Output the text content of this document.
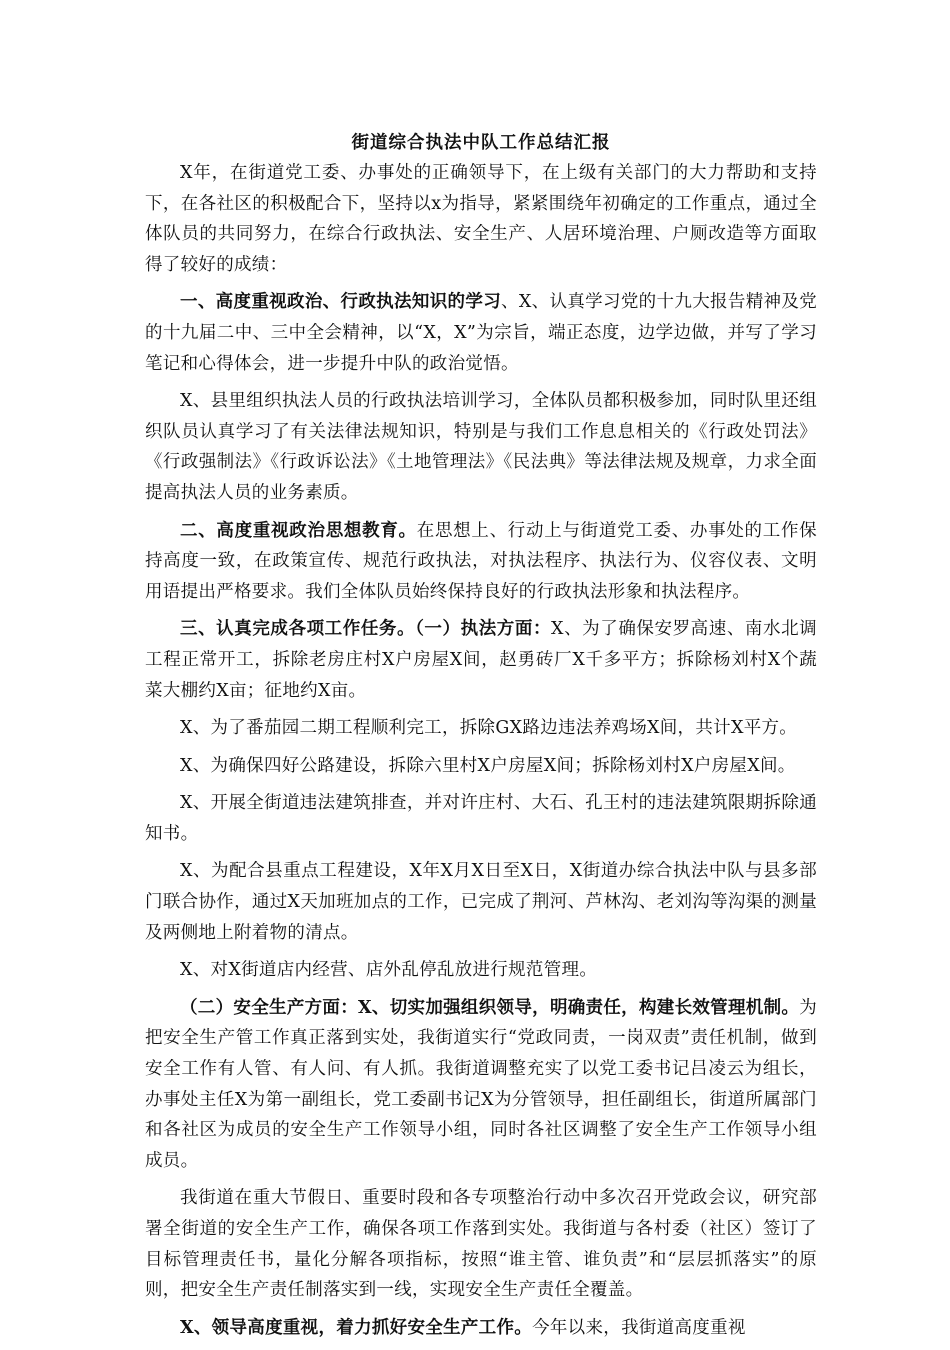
街道综合执法中队工作总结汇报

X年，在街道党工委、办事处的正确领导下，在上级有关部门的大力帮助和支持下，在各社区的积极配合下，坚持以x为指导，紧紧围绕年初确定的工作重点，通过全体队员的共同努力，在综合行政执法、安全生产、人居环境治理、户厕改造等方面取得了较好的成绩：

一、高度重视政治、行政执法知识的学习、X、认真学习党的十九大报告精神及党的十九届二中、三中全会精神，以“X，X”为宗旨，端正态度，边学边做，并写了学习笔记和心得体会，进一步提升中队的政治觉悟。

X、县里组织执法人员的行政执法培训学习，全体队员都积极参加，同时队里还组织队员认真学习了有关法律法规知识，特别是与我们工作息息相关的《行政处罚法》《行政强制法》《行政诉讼法》《土地管理法》《民法典》等法律法规及规章，力求全面提高执法人员的业务素质。

二、高度重视政治思想教育。在思想上、行动上与街道党工委、办事处的工作保持高度一致，在政策宣传、规范行政执法，对执法程序、执法行为、仪容仪表、文明用语提出严格要求。我们全体队员始终保持良好的行政执法形象和执法程序。

三、认真完成各项工作任务。（一）执法方面：X、为了确保安罗高速、南水北调工程正常开工，拆除老房庄村X户房屋X间，赵勇砖厂X千多平方；拆除杨刘村X个蔬菜大棚约X亩；征地约X亩。

X、为了番茄园二期工程顺利完工，拆除GX路边违法养鸡场X间，共计X平方。

X、为确保四好公路建设，拆除六里村X户房屋X间；拆除杨刘村X户房屋X间。

X、开展全街道违法建筑排查，并对许庄村、大石、孔王村的违法建筑限期拆除通知书。

X、为配合县重点工程建设，X年X月X日至X日，X街道办综合执法中队与县多部门联合协作，通过X天加班加点的工作，已完成了荆河、芦林沟、老刘沟等沟渠的测量及两侧地上附着物的清点。

X、对X街道店内经营、店外乱停乱放进行规范管理。

（二）安全生产方面：X、切实加强组织领导，明确责任，构建长效管理机制。为把安全生产管工作真正落到实处，我街道实行“党政同责，一岗双责”责任机制，做到安全工作有人管、有人问、有人抓。我街道调整充实了以党工委书记吕凌云为组长，办事处主任X为第一副组长，党工委副书记X为分管领导，担任副组长，街道所属部门和各社区为成员的安全生产工作领导小组，同时各社区调整了安全生产工作领导小组成员。

我街道在重大节假日、重要时段和各专项整治行动中多次召开党政会议，研究部署全街道的安全生产工作，确保各项工作落到实处。我街道与各村委（社区）签订了目标管理责任书，量化分解各项指标，按照“谁主管、谁负责”和“层层抓落实”的原则，把安全生产责任制落实到一线，实现安全生产责任全覆盖。

X、领导高度重视，着力抓好安全生产工作。今年以来，我街道高度重视
